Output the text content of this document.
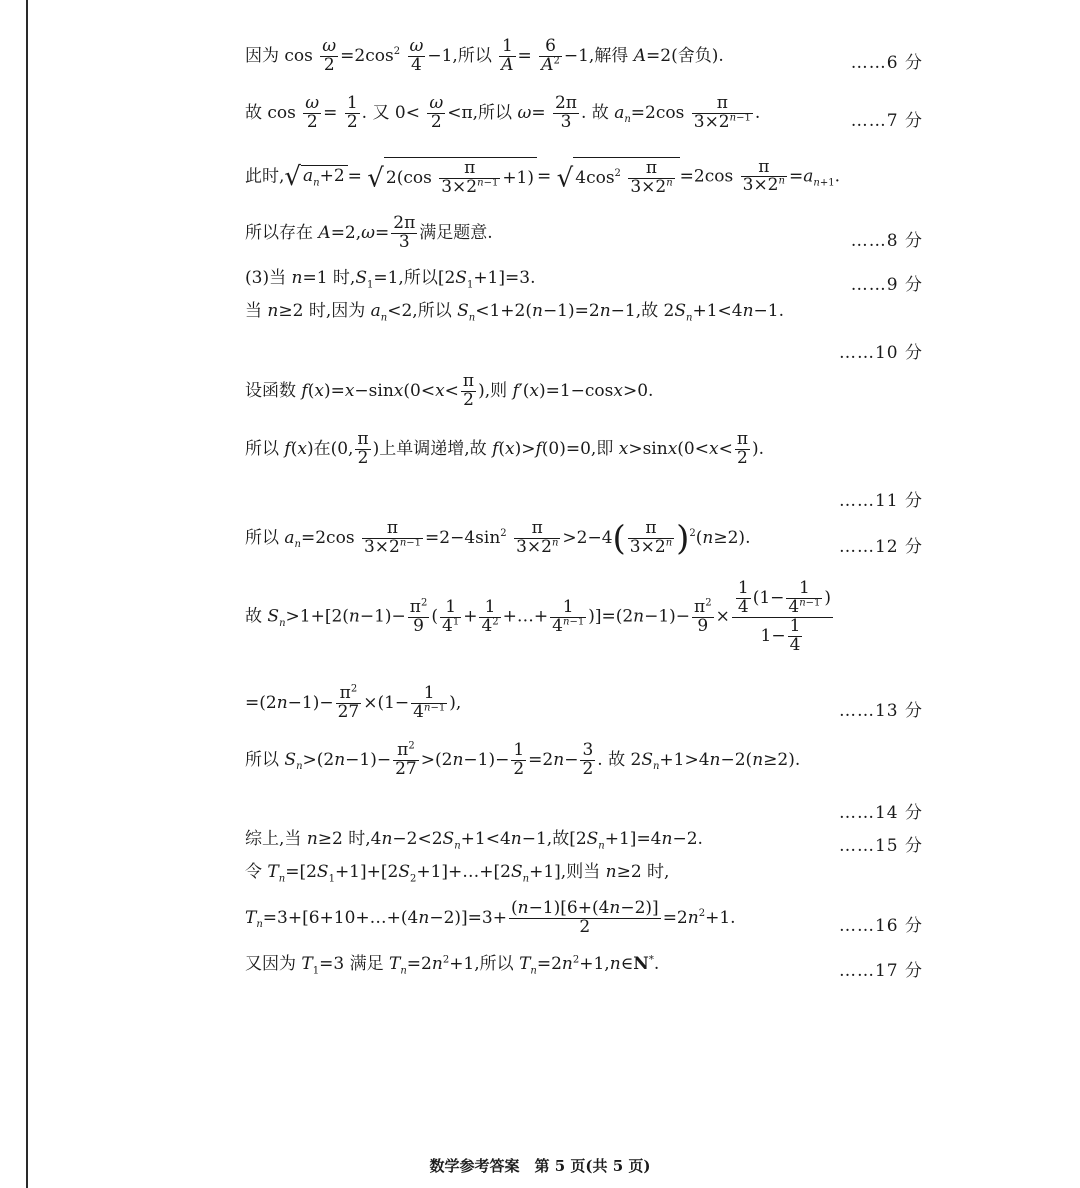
因为 $\cos \frac{\omega}{2} =2\cos^2 \frac{\omega}{4} -1$,所以 $\frac{1}{A} = \frac{6}{A^2} -1$,解得 A=2(舍负).	……6 分
故 $\cos \frac{\omega}{2} = \frac{1}{2}$ . 又 $0< \frac{\omega}{2} <\pi$,所以 $\omega= \frac{2\pi}{3}$ . 故 $a_n=2\cos \frac{\pi}{3\times 2^{n-1}}$ .	……7 分
此时,√ $a_n+2$ = √ $2(\cos \frac{\pi}{3\times 2^{n-1}} +1)$ = √ $4\cos^2 \frac{\pi}{3\times 2^n} =2\cos \frac{\pi}{3\times 2^n} =a_{n+1}$.
所以存在 $A=2,\omega= \frac{2\pi}{3}$ 满足题意.	……8 分
(3)当 n=1 时$,S_1=1$,所以$[2S_1+1]=3$.	……9 分
当 n≥2 时,因为 $a_n<2$,所以 $S_n<1+2(n-1)=2n-1$,故 $2S_n+1<4n-1$.
……10 分
设函数 $f(x)=x-\sin x(0<x< \frac{\pi}{2}$ ),则 f′(x)=1−cosx>0.
所以 f(x)在(0, $\frac{\pi}{2}$ )上单调递增,故 f(x)>f(0)=0,即 $x>\sin x(0<x< \frac{\pi}{2}$ ).
……11 分
所以 $a_n=2\cos \frac{\pi}{3\times 2^{n-1}} =2-4\sin^2 \frac{\pi}{3\times 2^n} >2-4( \frac{\pi}{3\times 2^n} )^2(n\ge 2)$.	……12 分
故 $S_n>1+[2(n-1)- \frac{\pi^2}{9}$ ( $\frac{1}{4^1} + \frac{1}{4^2}$ +…+ $\frac{1}{4^{n-1}} )]=(2n-1)- \frac{\pi^2}{9} \times \frac{\frac{1}{4} (1- \frac{1}{4^{n-1}} )}{1- \frac{1}{4}}$
$=(2n-1)- \frac{\pi^2}{27} \times(1- \frac{1}{4^{n-1}}$ ),	……13 分
所以 $S_n>(2n-1)- \frac{\pi^2}{27} >(2n-1)- \frac{1}{2} =2n- \frac{3}{2}$ . 故 $2S_n+1>4n-2(n\ge 2)$.
……14 分
综上,当 n≥2 时$,4n-2<2S_n+1<4n-1$,故$[2S_n+1]=4n-2$.	……15 分
令 $T_n=[2S_1+1]+[2S_2+1]+\dots+[2S_n+1]$,则当 n≥2 时,
$T_n=3+[6+10+\dots+(4n-2)]=3+ \frac{(n-1)[6+(4n-2)]}{2} =2n^2+1$.	……16 分
又因为 $T_1=3$ 满足 $T_n=2n^2+1$,所以 $T_n=2n^2+1,n\in N^*$.	……17 分
数学参考答案　第 5 页(共 5 页)
